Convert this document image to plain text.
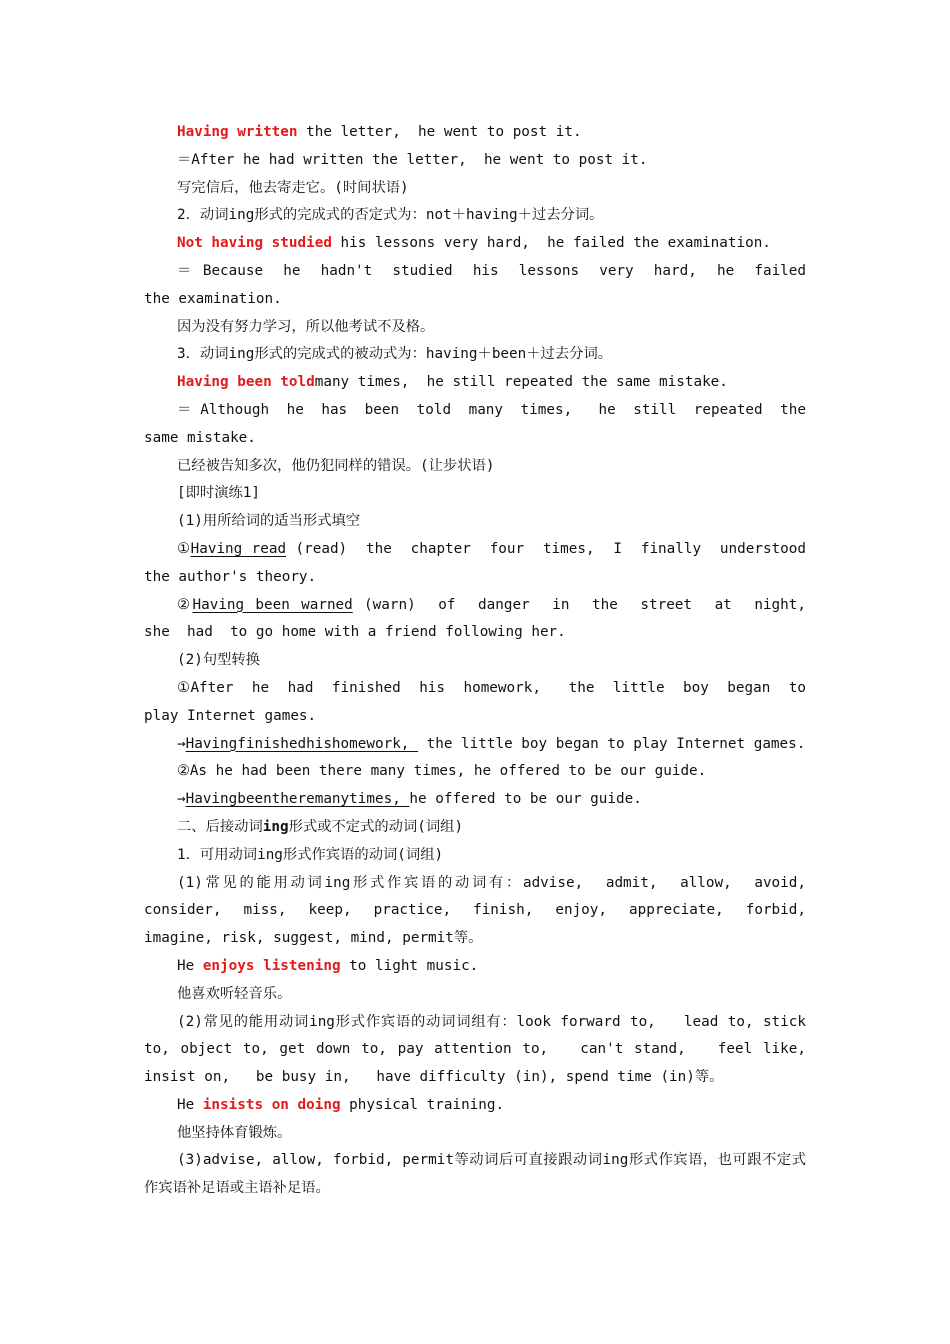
Having written the letter,  he went to post it.

＝After he had written the letter,  he went to post it.

写完信后，他去寄走它。(时间状语)

2．动词ing形式的完成式的否定式为：not＋having＋过去分词。

Not having studied his lessons very hard,  he failed the examination.

＝ Because  he  hadn't  studied  his  lessons  very  hard,  he  failed  the examination.

因为没有努力学习，所以他考试不及格。

3．动词ing形式的完成式的被动式为：having＋been＋过去分词。

Having been toldmany times,  he still repeated the same mistake.

＝ Although  he  has  been  told  many  times,   he  still  repeated  the  same mistake.

已经被告知多次，他仍犯同样的错误。(让步状语)

[即时演练1]

(1)用所给词的适当形式填空

①Having read (read)  the  chapter  four  times,  I  finally  understood  the author's theory.

②Having been warned (warn)  of  danger  in  the  street  at  night,   she  had  to go home with a friend following her.

(2)句型转换

①After  he  had  finished  his  homework,   the  little  boy  began  to  play Internet games.

→Havingfinishedhishomework,  the little boy began to play Internet games.

②As he had been there many times, he offered to be our guide.

→Havingbeentheremanytimes, he offered to be our guide.

二、后接动词ing形式或不定式的动词(词组)

1．可用动词ing形式作宾语的动词(词组)

(1)常见的能用动词ing形式作宾语的动词有：advise,  admit,  allow,  avoid, consider,  miss,  keep,  practice,  finish,  enjoy,  appreciate,  forbid,  imagine, risk, suggest, mind, permit等。

He enjoys listening to light music.

他喜欢听轻音乐。

(2)常见的能用动词ing形式作宾语的动词词组有：look forward to,   lead to, stick to, object to, get down to, pay attention to,   can't stand,   feel like, insist on,   be busy in,   have difficulty (in), spend time (in)等。

He insists on doing physical training.

他坚持体育锻炼。

(3)advise, allow, forbid, permit等动词后可直接跟动词ing形式作宾语，也可跟不定式作宾语补足语或主语补足语。
